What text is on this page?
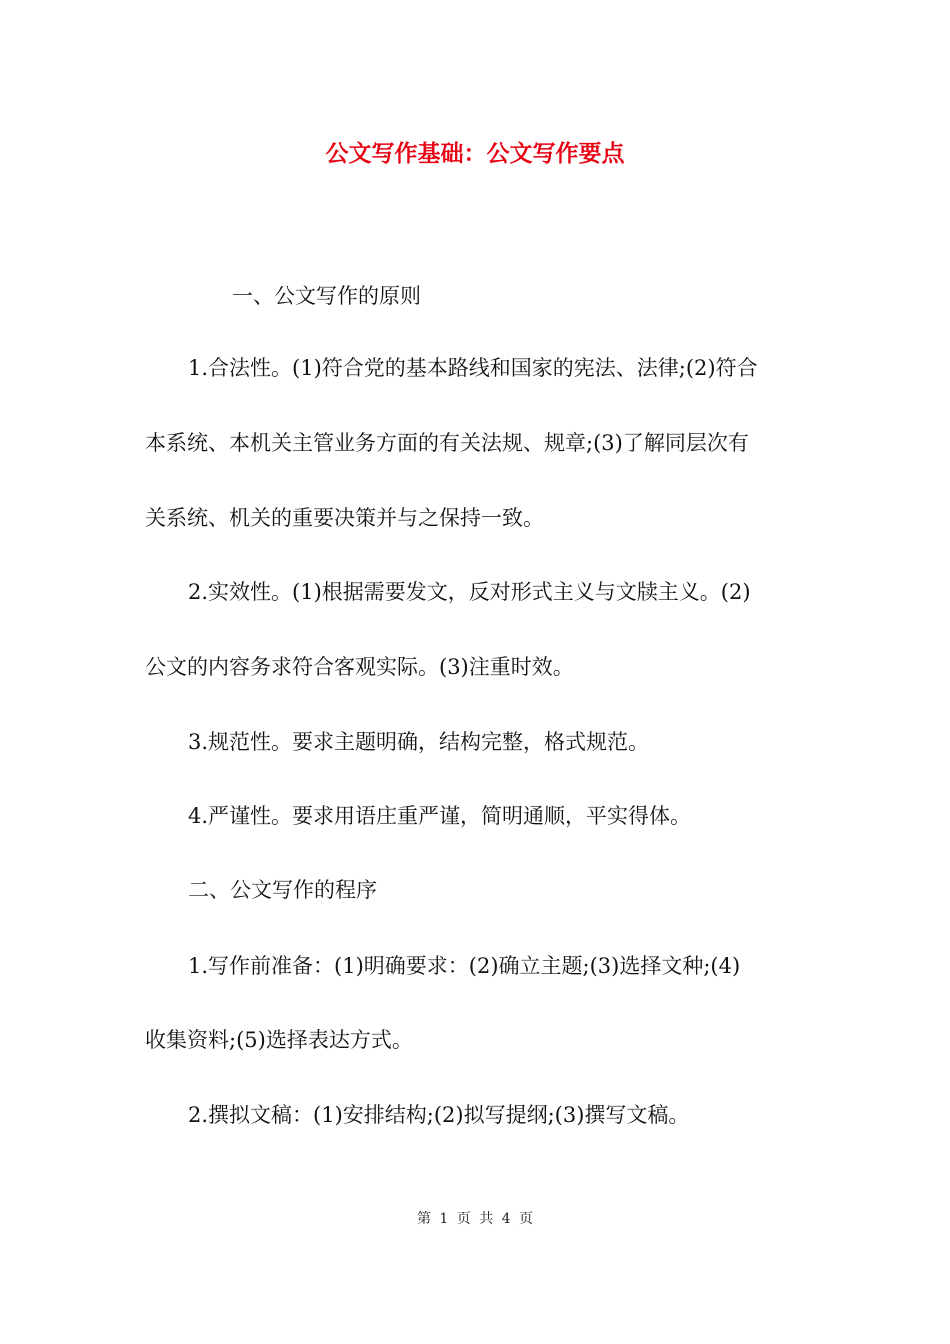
公文写作基础：公文写作要点
一、公文写作的原则
1.合法性。(1)符合党的基本路线和国家的宪法、法律;(2)符合
本系统、本机关主管业务方面的有关法规、规章;(3)了解同层次有
关系统、机关的重要决策并与之保持一致。
2.实效性。(1)根据需要发文，反对形式主义与文牍主义。(2)
公文的内容务求符合客观实际。(3)注重时效。
3.规范性。要求主题明确，结构完整，格式规范。
4.严谨性。要求用语庄重严谨，简明通顺，平实得体。
二、公文写作的程序
1.写作前准备：(1)明确要求：(2)确立主题;(3)选择文种;(4)
收集资料;(5)选择表达方式。
2.撰拟文稿：(1)安排结构;(2)拟写提纲;(3)撰写文稿。
第 1 页 共 4 页
